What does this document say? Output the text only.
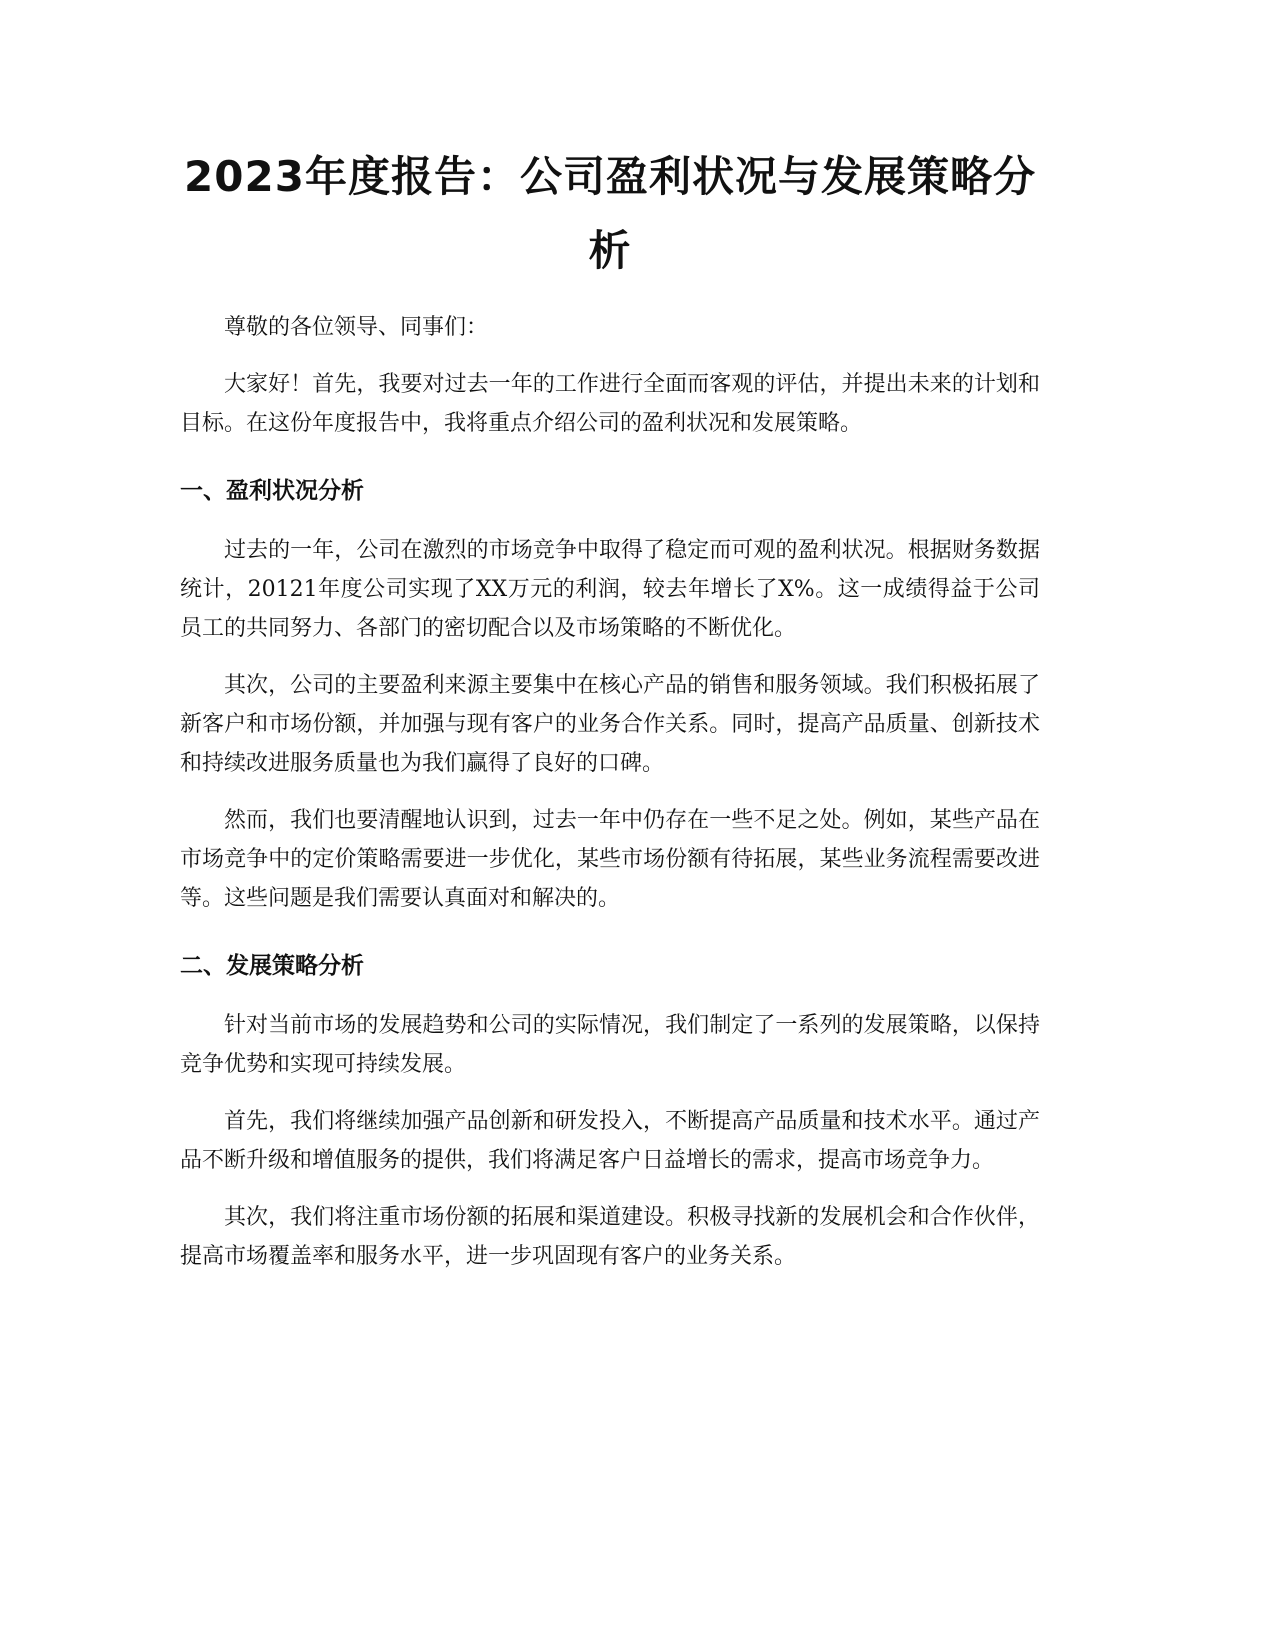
2023年度报告：公司盈利状况与发展策略分析

尊敬的各位领导、同事们：

大家好！首先，我要对过去一年的工作进行全面而客观的评估，并提出未来的计划和目标。在这份年度报告中，我将重点介绍公司的盈利状况和发展策略。

一、盈利状况分析

过去的一年，公司在激烈的市场竞争中取得了稳定而可观的盈利状况。根据财务数据统计，20121年度公司实现了XX万元的利润，较去年增长了X%。这一成绩得益于公司员工的共同努力、各部门的密切配合以及市场策略的不断优化。

其次，公司的主要盈利来源主要集中在核心产品的销售和服务领域。我们积极拓展了新客户和市场份额，并加强与现有客户的业务合作关系。同时，提高产品质量、创新技术和持续改进服务质量也为我们赢得了良好的口碑。

然而，我们也要清醒地认识到，过去一年中仍存在一些不足之处。例如，某些产品在市场竞争中的定价策略需要进一步优化，某些市场份额有待拓展，某些业务流程需要改进等。这些问题是我们需要认真面对和解决的。

二、发展策略分析

针对当前市场的发展趋势和公司的实际情况，我们制定了一系列的发展策略，以保持竞争优势和实现可持续发展。

首先，我们将继续加强产品创新和研发投入，不断提高产品质量和技术水平。通过产品不断升级和增值服务的提供，我们将满足客户日益增长的需求，提高市场竞争力。

其次，我们将注重市场份额的拓展和渠道建设。积极寻找新的发展机会和合作伙伴，提高市场覆盖率和服务水平，进一步巩固现有客户的业务关系。
